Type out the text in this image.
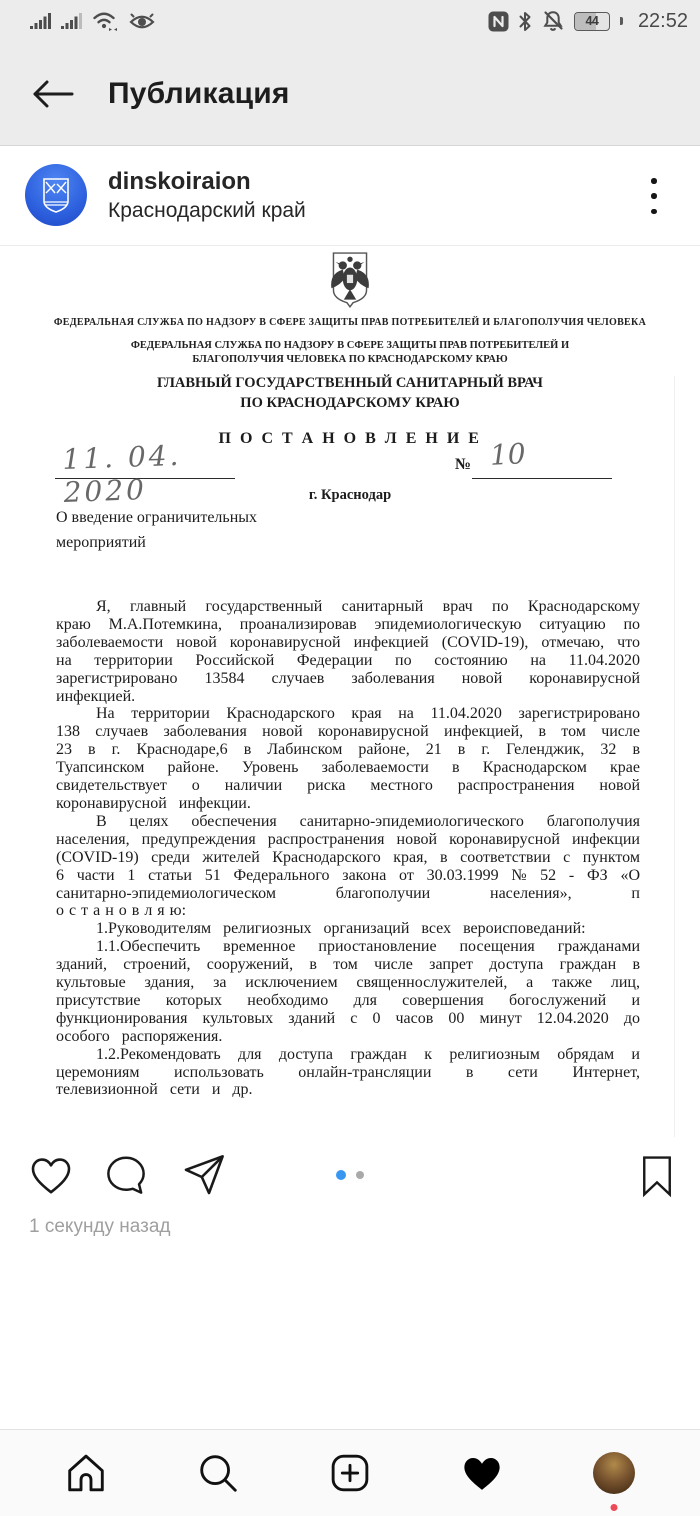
44 22:52
Публикация
dinskoiraion
Краснодарский край
ФЕДЕРАЛЬНАЯ СЛУЖБА ПО НАДЗОРУ В СФЕРЕ ЗАЩИТЫ ПРАВ ПОТРЕБИТЕЛЕЙ И БЛАГОПОЛУЧИЯ ЧЕЛОВЕКА
ФЕДЕРАЛЬНАЯ СЛУЖБА ПО НАДЗОРУ В СФЕРЕ ЗАЩИТЫ ПРАВ ПОТРЕБИТЕЛЕЙ И БЛАГОПОЛУЧИЯ ЧЕЛОВЕКА ПО КРАСНОДАРСКОМУ КРАЮ
ГЛАВНЫЙ ГОСУДАРСТВЕННЫЙ САНИТАРНЫЙ ВРАЧ
ПО КРАСНОДАРСКОМУ КРАЮ
П О С Т А Н О В Л Е Н И Е
11. 04. 2020
№ 10
г. Краснодар
О введение ограничительных мероприятий

Я, главный государственный санитарный врач по Краснодарскому краю М.А.Потемкина, проанализировав эпидемиологическую ситуацию по заболеваемости новой коронавирусной инфекцией (COVID-19), отмечаю, что на территории Российской Федерации по состоянию на 11.04.2020 зарегистрировано 13584 случаев заболевания новой коронавирусной инфекцией.

На территории Краснодарского края на 11.04.2020 зарегистрировано 138 случаев заболевания новой коронавирусной инфекцией, в том числе 23 в г. Краснодаре,6 в Лабинском районе, 21 в г. Геленджик, 32 в Туапсинском районе. Уровень заболеваемости в Краснодарском крае свидетельствует о наличии риска местного распространения новой коронавирусной инфекции.

В целях обеспечения санитарно-эпидемиологического благополучия населения, предупреждения распространения новой коронавирусной инфекции (COVID-19) среди жителей Краснодарского края, в соответствии с пунктом 6 части 1 статьи 51 Федерального закона от 30.03.1999 № 52 - ФЗ «О санитарно-эпидемиологическом благополучии населения», п

о с т а н о в л я ю:

1.Руководителям религиозных организаций всех вероисповеданий:

1.1.Обеспечить временное приостановление посещения гражданами зданий, строений, сооружений, в том числе запрет доступа граждан в культовые здания, за исключением священнослужителей, а также лиц, присутствие которых необходимо для совершения богослужений и функционирования культовых зданий с 0 часов 00 минут 12.04.2020 до особого распоряжения.

1.2.Рекомендовать для доступа граждан к религиозным обрядам и церемониям использовать онлайн-трансляции в сети Интернет, телевизионной сети и др.

1 секунду назад
